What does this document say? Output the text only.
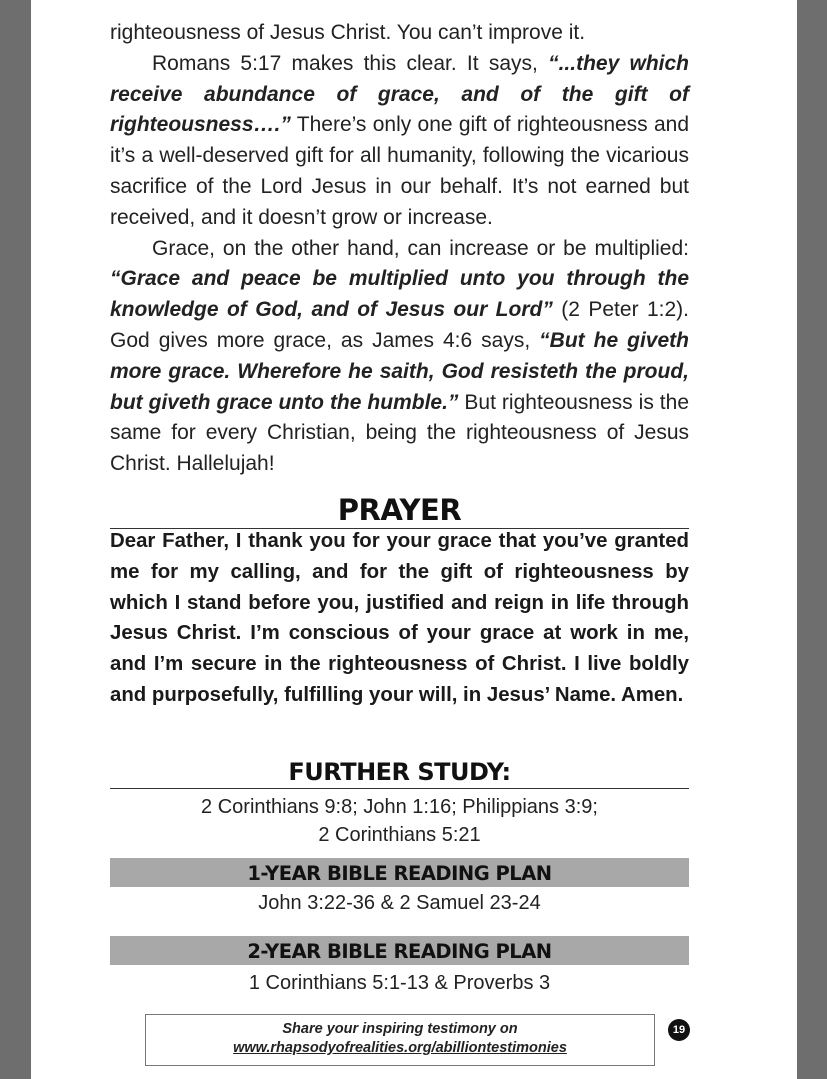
righteousness of Jesus Christ. You can’t improve it.

Romans 5:17 makes this clear. It says, “...they which receive abundance of grace, and of the gift of righteousness….” There’s only one gift of righteousness and it’s a well-deserved gift for all humanity, following the vicarious sacrifice of the Lord Jesus in our behalf. It’s not earned but received, and it doesn’t grow or increase.

Grace, on the other hand, can increase or be multiplied: “Grace and peace be multiplied unto you through the knowledge of God, and of Jesus our Lord” (2 Peter 1:2). God gives more grace, as James 4:6 says, “But he giveth more grace. Wherefore he saith, God resisteth the proud, but giveth grace unto the humble.” But righteousness is the same for every Christian, being the righteousness of Jesus Christ. Hallelujah!

PRAYER
Dear Father, I thank you for your grace that you’ve granted me for my calling, and for the gift of righteousness by which I stand before you, justified and reign in life through Jesus Christ. I’m conscious of your grace at work in me, and I’m secure in the righteousness of Christ. I live boldly and purposefully, fulfilling your will, in Jesus’ Name. Amen.
FURTHER STUDY:
2 Corinthians 9:8; John 1:16; Philippians 3:9;
2 Corinthians 5:21
1-YEAR BIBLE READING PLAN
John 3:22-36 & 2 Samuel 23-24
2-YEAR BIBLE READING PLAN
1 Corinthians 5:1-13 & Proverbs 3
Share your inspiring testimony on
www.rhapsodyofrealities.org/abilliontestimonies
19
